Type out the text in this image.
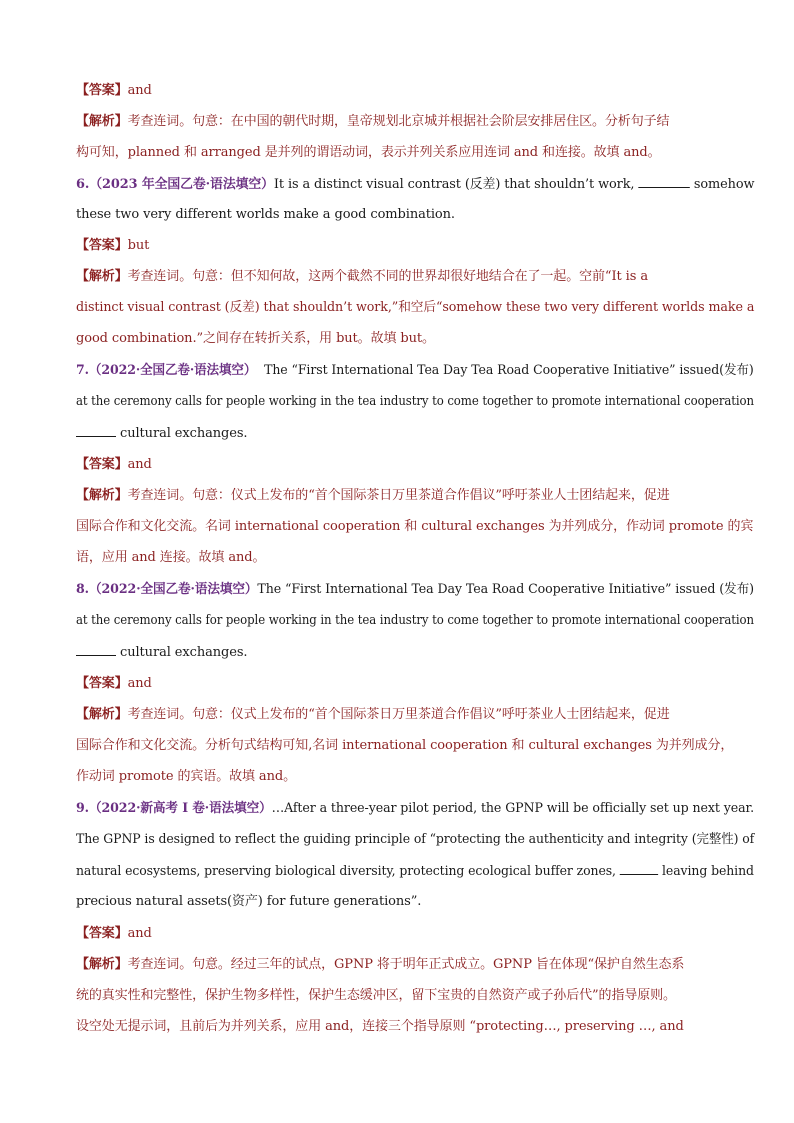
【答案】and
【解析】考查连词。句意：在中国的朝代时期，皇帝规划北京城并根据社会阶层安排居住区。分析句子结
构可知，planned 和 arranged 是并列的谓语动词，表示并列关系应用连词 and 和连接。故填 and。
6.（2023 年全国乙卷·语法填空）It is a distinct visual contrast (反差) that shouldn’t work,	somehow
these two very different worlds make a good combination.
【答案】but
【解析】考查连词。句意：但不知何故，这两个截然不同的世界却很好地结合在了一起。空前“It is a
distinct visual contrast (反差) that shouldn’t work,”和空后“somehow these two very different worlds make a
good combination.”之间存在转折关系，用 but。故填 but。
7.（2022·全国乙卷·语法填空） The “First International Tea Day Tea Road Cooperative Initiative” issued(发布)
at the ceremony calls for people working in the tea industry to come together to promote international cooperation
cultural exchanges.
【答案】and
【解析】考查连词。句意：仪式上发布的“首个国际茶日万里茶道合作倡议”呼吁茶业人士团结起来，促进
国际合作和文化交流。名词 international cooperation 和 cultural exchanges 为并列成分，作动词 promote 的宾
语，应用 and 连接。故填 and。
8.（2022·全国乙卷·语法填空）The “First International Tea Day Tea Road Cooperative Initiative” issued (发布)
at the ceremony calls for people working in the tea industry to come together to promote international cooperation
cultural exchanges.
【答案】and
【解析】考查连词。句意：仪式上发布的“首个国际茶日万里茶道合作倡议”呼吁茶业人士团结起来，促进
国际合作和文化交流。分析句式结构可知,名词 international cooperation 和 cultural exchanges 为并列成分，
作动词 promote 的宾语。故填 and。
9.（2022·新高考 I 卷·语法填空）…After a three-year pilot period, the GPNP will be officially set up next year.
The GPNP is designed to reflect the guiding principle of “protecting the authenticity and integrity (完整性) of
natural ecosystems, preserving biological diversity, protecting ecological buffer zones,	leaving behind
precious natural assets(资产) for future generations”.
【答案】and
【解析】考查连词。句意。经过三年的试点，GPNP 将于明年正式成立。GPNP 旨在体现“保护自然生态系
统的真实性和完整性，保护生物多样性，保护生态缓冲区，留下宝贵的自然资产或子孙后代”的指导原则。
设空处无提示词，且前后为并列关系，应用 and，连接三个指导原则 “protecting…, preserving …, and
